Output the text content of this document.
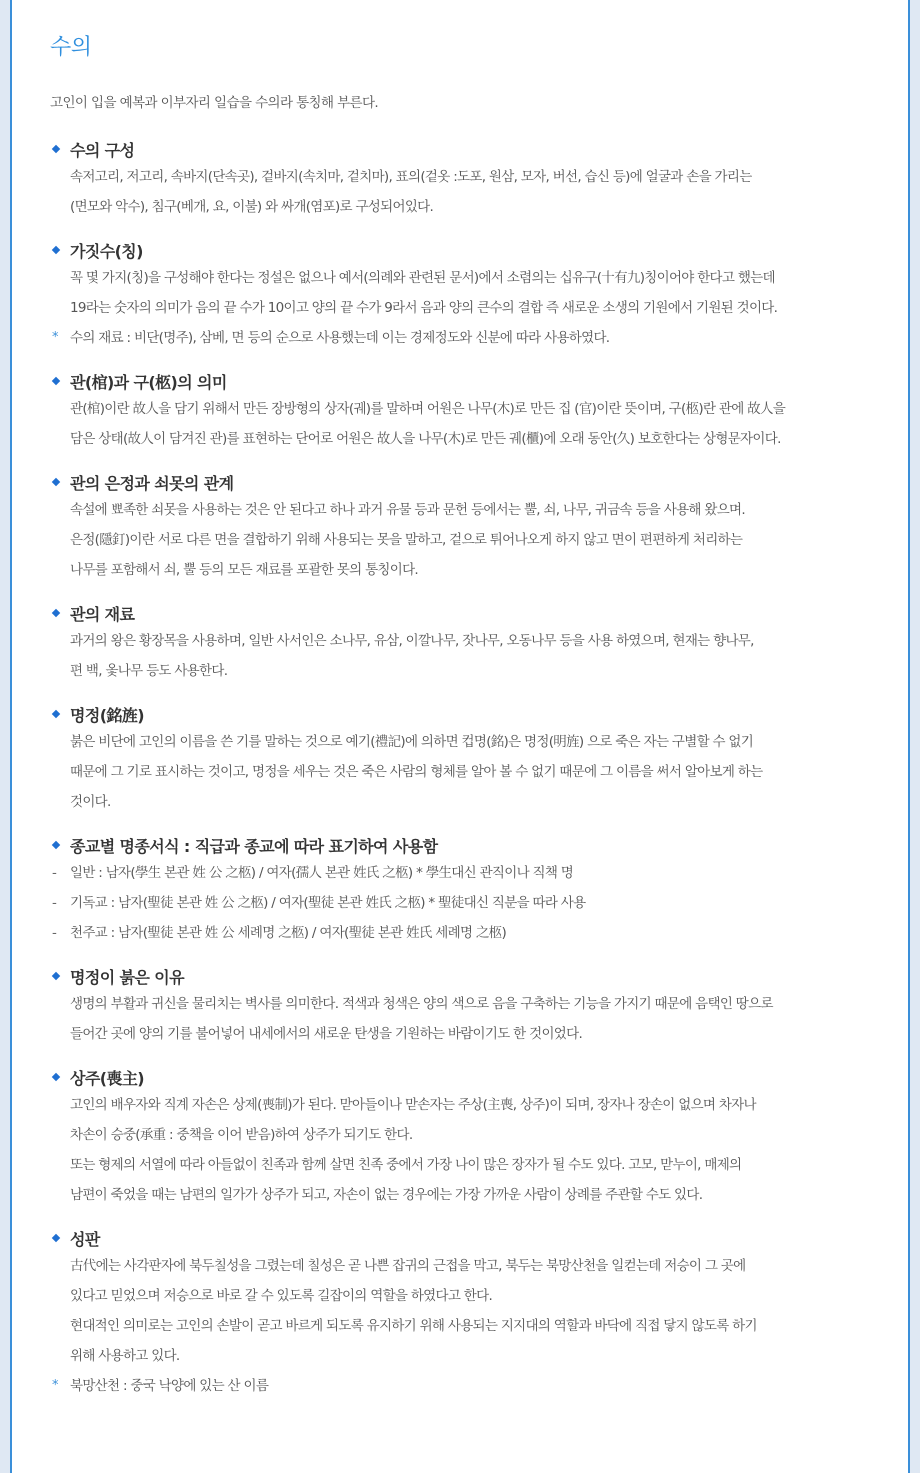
수의

고인이 입을 예복과 이부자리 일습을 수의라 통칭해 부른다.

수의 구성
속저고리, 저고리, 속바지(단속곳), 겉바지(속치마, 겉치마), 표의(겉옷 :도포, 원삼, 모자, 버선, 습신 등)에 얼굴과 손을 가리는
(면모와 악수), 침구(베개, 요, 이불) 와 싸개(염포)로 구성되어있다.
가짓수(칭)
꼭 몇 가지(칭)을 구성해야 한다는 정설은 없으나 예서(의례와 관련된 문서)에서 소렴의는 십유구(十有九)칭이어야 한다고 했는데
19라는 숫자의 의미가 음의 끝 수가 10이고 양의 끝 수가 9라서 음과 양의 큰수의 결합 즉 새로운 소생의 기원에서 기원된 것이다.
* 수의 재료 : 비단(명주), 삼베, 면 등의 순으로 사용했는데 이는 경제정도와 신분에 따라 사용하였다.
관(棺)과 구(柩)의 의미
관(棺)이란 故人을 담기 위해서 만든 장방형의 상자(궤)를 말하며 어원은 나무(木)로 만든 집 (官)이란 뜻이며, 구(柩)란 관에 故人을
담은 상태(故人이 담겨진 관)를 표현하는 단어로 어원은 故人을 나무(木)로 만든 궤(櫃)에 오래 동안(久) 보호한다는 상형문자이다.
관의 은정과 쇠못의 관계
속설에 뾰족한 쇠못을 사용하는 것은 안 된다고 하나 과거 유물 등과 문헌 등에서는 뿔, 쇠, 나무, 귀금속 등을 사용해 왔으며.
은정(隱釘)이란 서로 다른 면을 결합하기 위해 사용되는 못을 말하고, 겉으로 튀어나오게 하지 않고 면이 편편하게 처리하는
나무를 포함해서 쇠, 뿔 등의 모든 재료를 포괄한 못의 통칭이다.
관의 재료
과거의 왕은 황장목을 사용하며, 일반 사서인은 소나무, 유삼, 이깔나무, 잣나무, 오동나무 등을 사용 하였으며, 현재는 향나무,
편 백, 옻나무 등도 사용한다.
명정(銘旌)
붉은 비단에 고인의 이름을 쓴 기를 말하는 것으로 예기(禮記)에 의하면 컵명(銘)은 명정(明旌) 으로 죽은 자는 구별할 수 없기
때문에 그 기로 표시하는 것이고, 명정을 세우는 것은 죽은 사람의 형체를 알아 볼 수 없기 때문에 그 이름을 써서 알아보게 하는
것이다.
종교별 명종서식 : 직급과 종교에 따라 표기하여 사용함
-	일반 : 남자(學生 본관 姓 公 之柩) / 여자(孺人 본관 姓氏 之柩) * 學生대신 관직이나 직책 명
-	기독교 : 남자(聖徒 본관 姓 公 之柩) / 여자(聖徒 본관 姓氏 之柩) * 聖徒대신 직분을 따라 사용
-	천주교 : 남자(聖徒 본관 姓 公 세례명 之柩) / 여자(聖徒 본관 姓氏 세례명 之柩)
명정이 붉은 이유
생명의 부활과 귀신을 물리치는 벽사를 의미한다. 적색과 청색은 양의 색으로 음을 구축하는 기능을 가지기 때문에 음택인 땅으로
들어간 곳에 양의 기를 불어넣어 내세에서의 새로운 탄생을 기원하는 바람이기도 한 것이었다.
상주(喪主)
고인의 배우자와 직계 자손은 상제(喪制)가 된다. 맏아들이나 맏손자는 주상(主喪, 상주)이 되며, 장자나 장손이 없으며 차자나
차손이 승중(承重 : 중책을 이어 받음)하여 상주가 되기도 한다.
또는 형제의 서열에 따라 아들없이 친족과 함께 살면 친족 중에서 가장 나이 많은 장자가 될 수도 있다. 고모, 맏누이, 매제의
남편이 죽었을 때는 남편의 일가가 상주가 되고, 자손이 없는 경우에는 가장 가까운 사람이 상례를 주관할 수도 있다.
성판
古代에는 사각판자에 북두칠성을 그렸는데 칠성은 곧 나쁜 잡귀의 근접을 막고, 북두는 북망산천을 일컫는데 저승이 그 곳에
있다고 믿었으며 저승으로 바로 갈 수 있도록 길잡이의 역할을 하였다고 한다.
현대적인 의미로는 고인의 손발이 곧고 바르게 되도록 유지하기 위해 사용되는 지지대의 역할과 바닥에 직접 닿지 않도록 하기
위해 사용하고 있다.
* 북망산천 : 중국 낙양에 있는 산 이름
